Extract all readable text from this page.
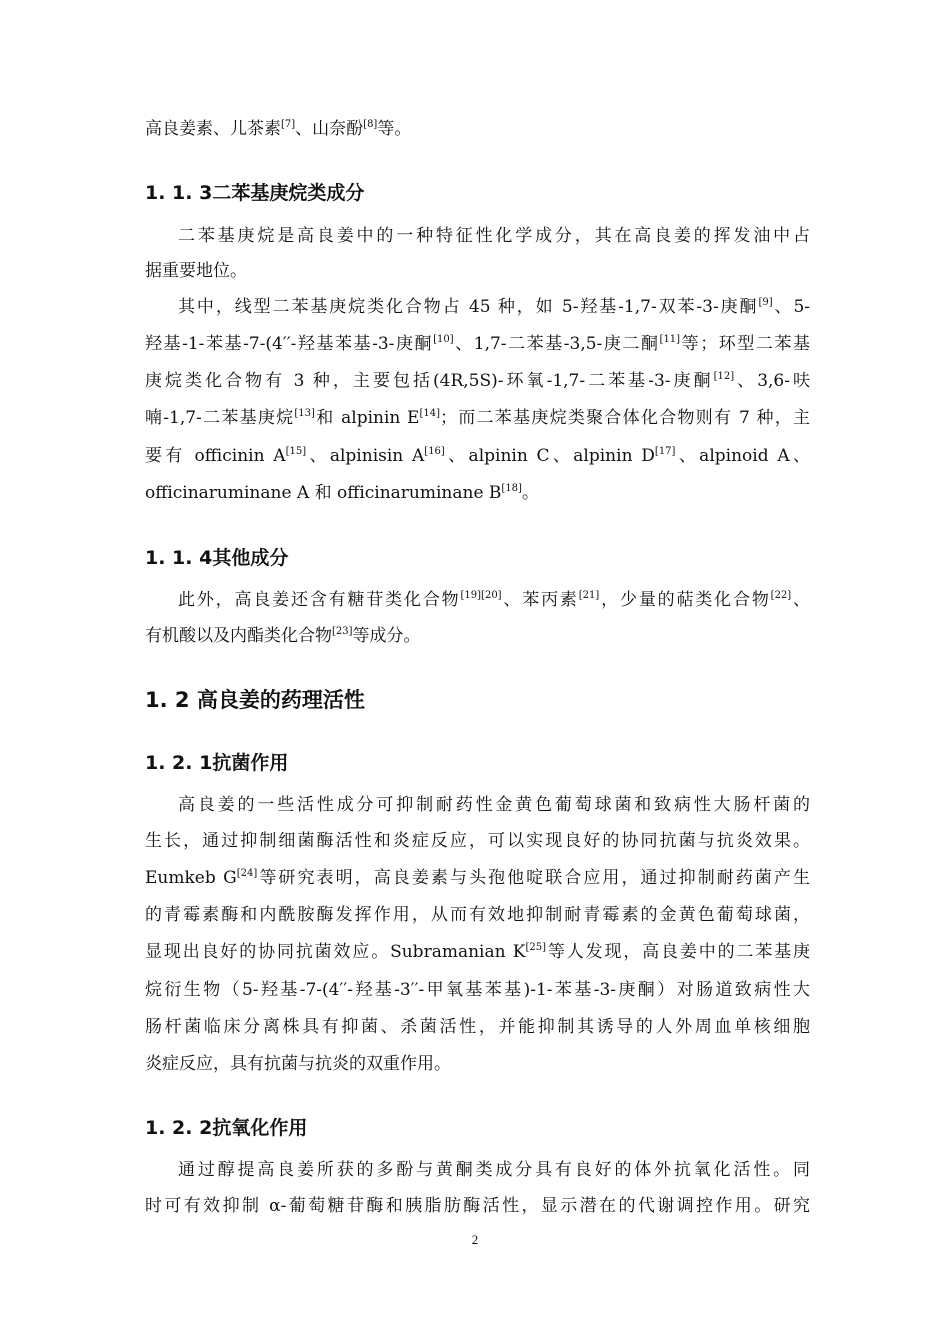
高良姜素、儿茶素[7]、山奈酚[8]等。
1. 1. 3二苯基庚烷类成分
二苯基庚烷是高良姜中的一种特征性化学成分，其在高良姜的挥发油中占
据重要地位。
其中，线型二苯基庚烷类化合物占 45 种，如 5-羟基-1,7-双苯-3-庚酮[9]、5-
羟基-1-苯基-7-(4′′-羟基苯基-3-庚酮[10]、1,7-二苯基-3,5-庚二酮[11]等；环型二苯基
庚烷类化合物有 3 种，主要包括(4R,5S)-环氧-1,7-二苯基-3-庚酮[12]、3,6-呋
喃-1,7-二苯基庚烷[13]和 alpinin E[14]；而二苯基庚烷类聚合体化合物则有 7 种，主
要有 officinin A[15]、alpinisin A[16]、alpinin C、alpinin D[17]、alpinoid A、
officinaruminane A 和 officinaruminane B[18]。
1. 1. 4其他成分
此外，高良姜还含有糖苷类化合物[19][20]、苯丙素[21]，少量的萜类化合物[22]、
有机酸以及内酯类化合物[23]等成分。
1. 2 高良姜的药理活性
1. 2. 1抗菌作用
高良姜的一些活性成分可抑制耐药性金黄色葡萄球菌和致病性大肠杆菌的
生长，通过抑制细菌酶活性和炎症反应，可以实现良好的协同抗菌与抗炎效果。
Eumkeb G[24]等研究表明，高良姜素与头孢他啶联合应用，通过抑制耐药菌产生
的青霉素酶和内酰胺酶发挥作用，从而有效地抑制耐青霉素的金黄色葡萄球菌，
显现出良好的协同抗菌效应。Subramanian K[25]等人发现，高良姜中的二苯基庚
烷衍生物（5-羟基-7-(4′′-羟基-3′′-甲氧基苯基)-1-苯基-3-庚酮）对肠道致病性大
肠杆菌临床分离株具有抑菌、杀菌活性，并能抑制其诱导的人外周血单核细胞
炎症反应，具有抗菌与抗炎的双重作用。
1. 2. 2抗氧化作用
通过醇提高良姜所获的多酚与黄酮类成分具有良好的体外抗氧化活性。同
时可有效抑制 α-葡萄糖苷酶和胰脂肪酶活性，显示潜在的代谢调控作用。研究
2
